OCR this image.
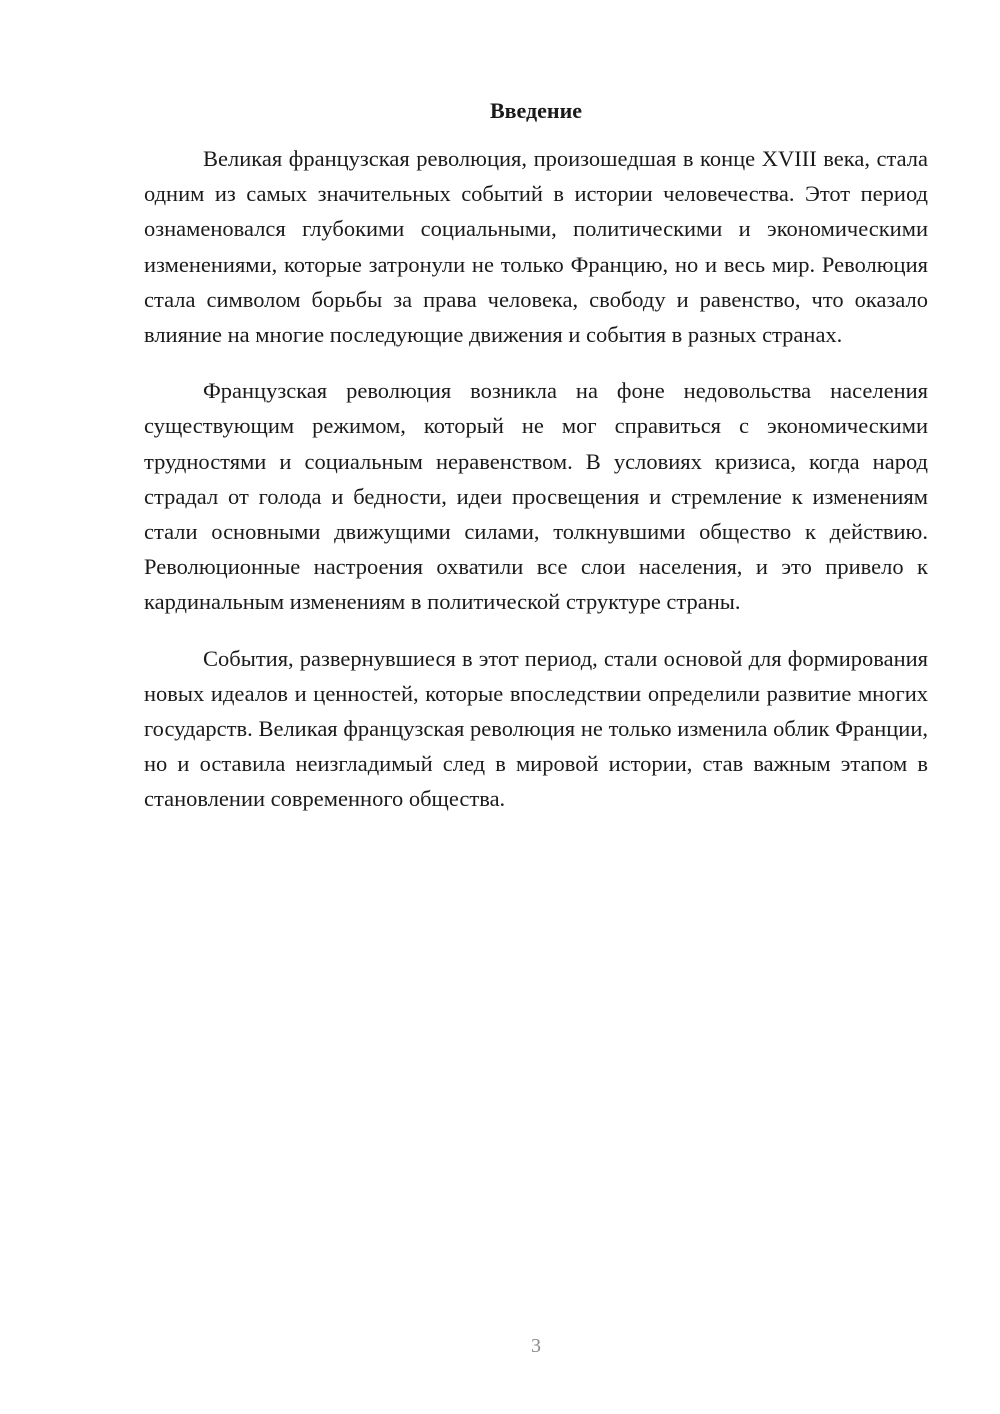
Введение

Великая французская революция, произошедшая в конце XVIII века, стала одним из самых значительных событий в истории человечества. Этот период ознаменовался глубокими социальными, политическими и экономическими изменениями, которые затронули не только Францию, но и весь мир. Революция стала символом борьбы за права человека, свободу и равенство, что оказало влияние на многие последующие движения и события в разных странах.

Французская революция возникла на фоне недовольства населения существующим режимом, который не мог справиться с экономическими трудностями и социальным неравенством. В условиях кризиса, когда народ страдал от голода и бедности, идеи просвещения и стремление к изменениям стали основными движущими силами, толкнувшими общество к действию. Революционные настроения охватили все слои населения, и это привело к кардинальным изменениям в политической структуре страны.

События, развернувшиеся в этот период, стали основой для формирования новых идеалов и ценностей, которые впоследствии определили развитие многих государств. Великая французская революция не только изменила облик Франции, но и оставила неизгладимый след в мировой истории, став важным этапом в становлении современного общества.

3
